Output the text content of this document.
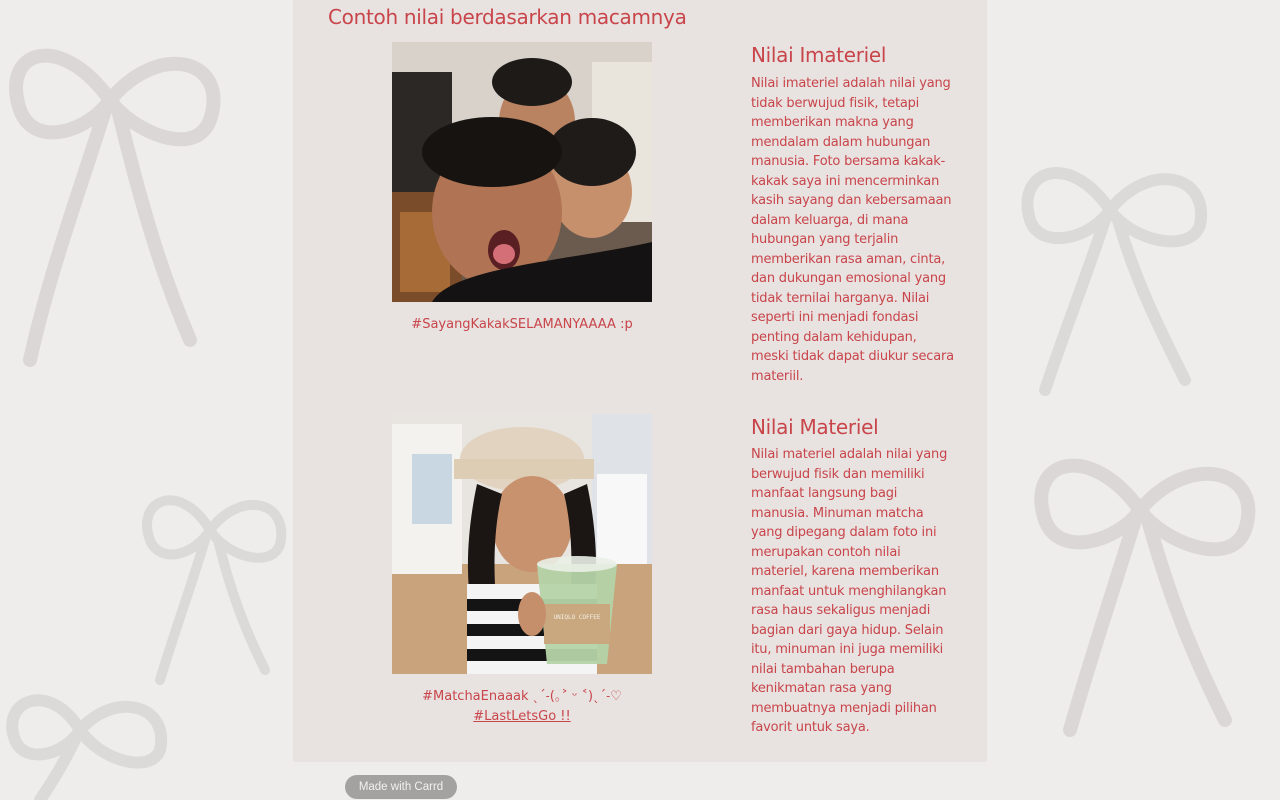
Contoh nilai berdasarkan macamnya
#SayangKakakSELAMANYAAAA :p
Nilai Imateriel

Nilai imateriel adalah nilai yang tidak berwujud fisik, tetapi memberikan makna yang mendalam dalam hubungan manusia. Foto bersama kakak-kakak saya ini mencerminkan kasih sayang dan kebersamaan dalam keluarga, di mana hubungan yang terjalin memberikan rasa aman, cinta, dan dukungan emosional yang tidak ternilai harganya. Nilai seperti ini menjadi fondasi penting dalam kehidupan, meski tidak dapat diukur secara materiil.

UNIQLO COFFEE
#MatchaEnaaak ˎˊ˗(｡˃ ᵕ ˂)ˎˊ˗♡
#LastLetsGo !!
Nilai Materiel

Nilai materiel adalah nilai yang berwujud fisik dan memiliki manfaat langsung bagi manusia. Minuman matcha yang dipegang dalam foto ini merupakan contoh nilai materiel, karena memberikan manfaat untuk menghilangkan rasa haus sekaligus menjadi bagian dari gaya hidup. Selain itu, minuman ini juga memiliki nilai tambahan berupa kenikmatan rasa yang membuatnya menjadi pilihan favorit untuk saya.

Made with Carrd
